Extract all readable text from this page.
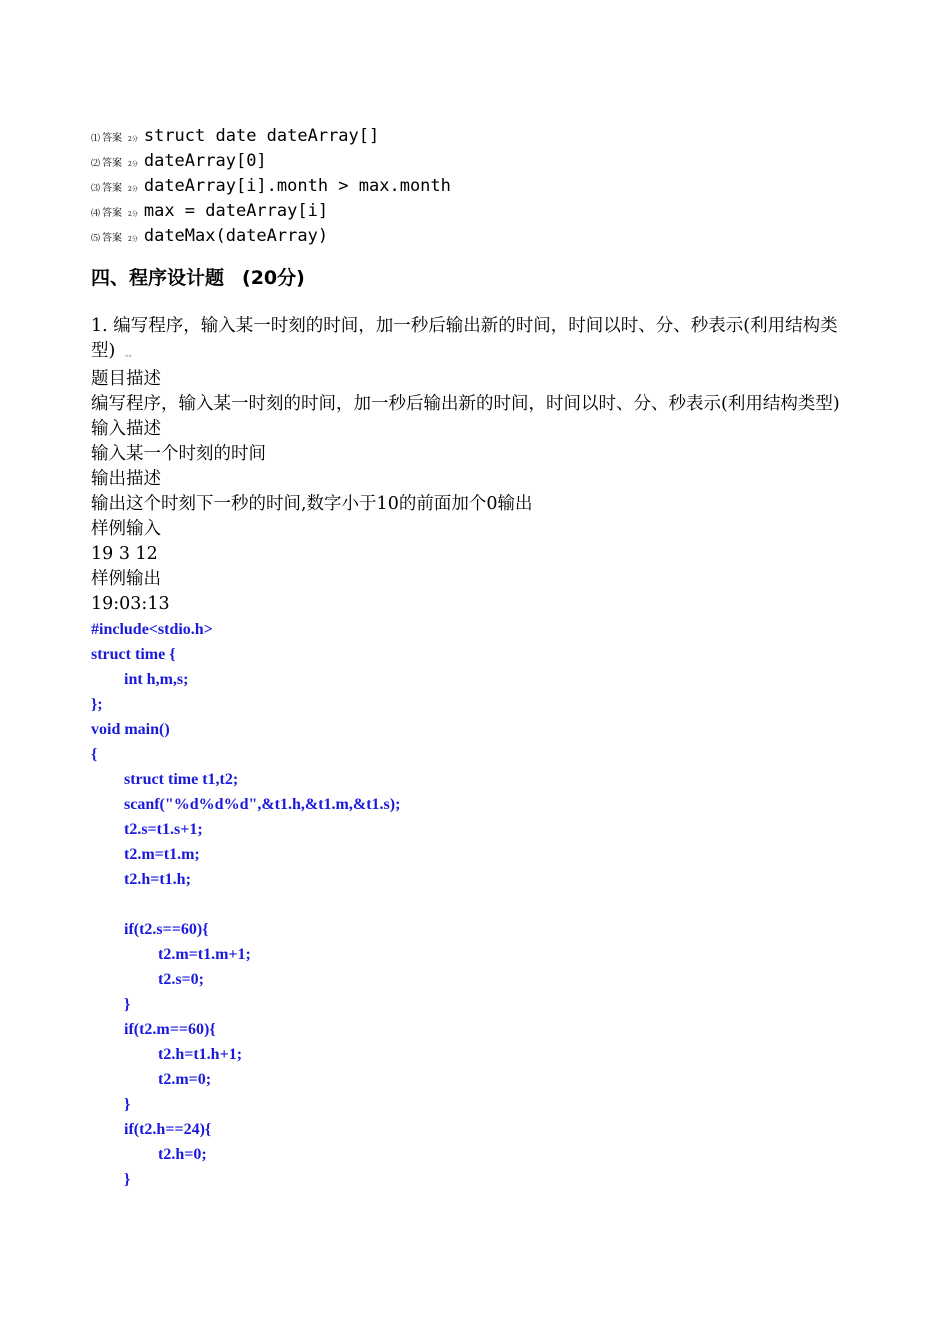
⑴ 答案 2分 struct date dateArray[]
⑵ 答案 2分 dateArray[0]
⑶ 答案 2分 dateArray[i].month > max.month
⑷ 答案 2分 max = dateArray[i]
⑸ 答案 2分 dateMax(dateArray)
四、程序设计题 (20分)
1. 编写程序，输入某一时刻的时间，加一秒后输出新的时间，时间以时、分、秒表示(利用结构类型) 。。
题目描述
编写程序，输入某一时刻的时间，加一秒后输出新的时间，时间以时、分、秒表示(利用结构类型)
输入描述
输入某一个时刻的时间
输出描述
输出这个时刻下一秒的时间,数字小于10的前面加个0输出
样例输入
19 3 12
样例输出
19:03:13
#include<stdio.h>
struct time {
int h,m,s;
};
void main()
{
struct time t1,t2;
scanf("%d%d%d",&t1.h,&t1.m,&t1.s);
t2.s=t1.s+1;
t2.m=t1.m;
t2.h=t1.h;
if(t2.s==60){
t2.m=t1.m+1;
t2.s=0;
}
if(t2.m==60){
t2.h=t1.h+1;
t2.m=0;
}
if(t2.h==24){
t2.h=0;
}
